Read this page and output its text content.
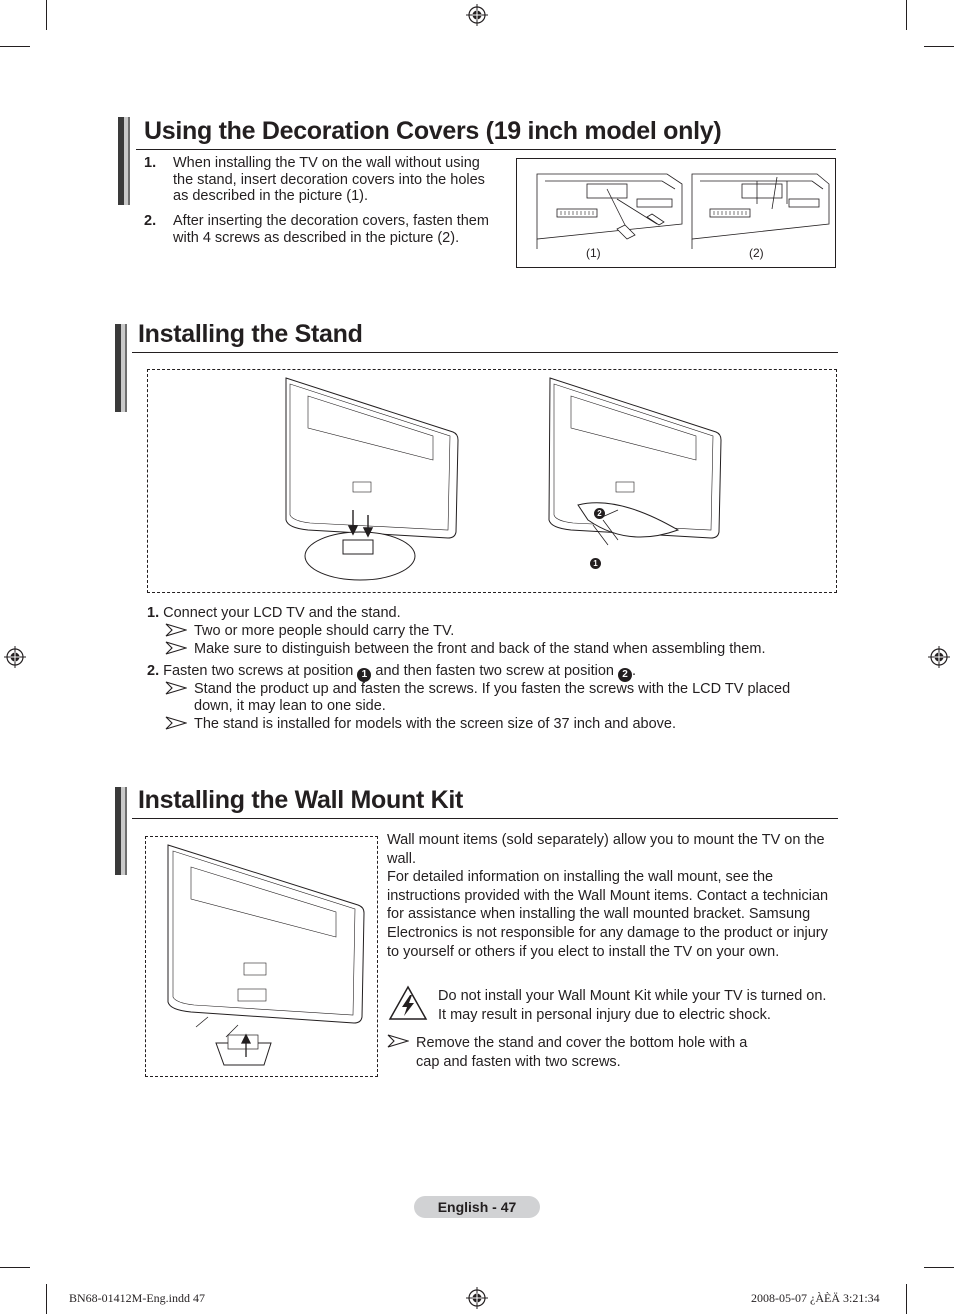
Using the Decoration Covers (19 inch model only)
1. When installing the TV on the wall without using the stand, insert decoration covers into the holes as described in the picture (1).
2. After inserting the decoration covers, fasten them with 4 screws as described in the picture (2).
(1)	(2)
Installing the Stand
2
1
1. Connect your LCD TV and the stand.
Two or more people should carry the TV.
Make sure to distinguish between the front and back of the stand when assembling them.
2. Fasten two screws at position 1 and then fasten two screw at position 2 .
Stand the product up and fasten the screws. If you fasten the screws with the LCD TV placed down, it may lean to one side.
The stand is installed for models with the screen size of 37 inch and above.
Installing the Wall Mount Kit
Wall mount items (sold separately) allow you to mount the TV on the wall.
For detailed information on installing the wall mount, see the instructions provided with the Wall Mount items. Contact a technician for assistance when installing the wall mounted bracket. Samsung Electronics is not responsible for any damage to the product or injury to yourself or others if you elect to install the TV on your own.
Do not install your Wall Mount Kit while your TV is turned on. It may result in personal injury due to electric shock.
Remove the stand and cover the bottom hole with a cap and fasten with two screws.
English - 47
BN68-01412M-Eng.indd 47	2008-05-07 ¿ÀÈÄ 3:21:34
